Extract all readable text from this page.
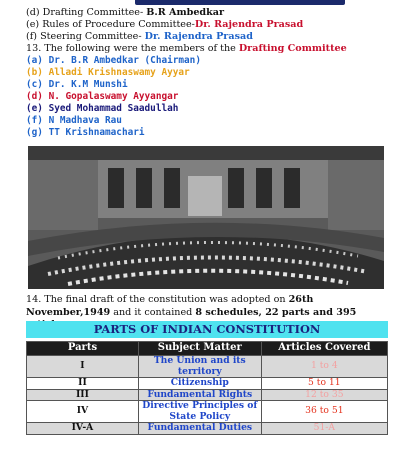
(d) Drafting Committee- B.R Ambedkar
(e) Rules of Procedure Committee-Dr. Rajendra Prasad
(f) Steering Committee- Dr. Rajendra Prasad
13. The following were the members of the Drafting Committee
(a) Dr. B.R Ambedkar (Chairman)
(b) Alladi Krishnaswamy Ayyar
(c) Dr. K.M Munshi
(d) N. Gopalaswamy Ayyangar
(e) Syed Mohammad Saadullah
(f) N Madhava Rau
(g) TT Krishnamachari
14. The final draft of the constitution was adopted on 26th November,1949 and it contained 8 schedules, 22 parts and 395
PARTS OF INDIAN CONSTITUTION
Parts	Subject Matter	Articles Covered
I	The Union and its territory	1 to 4
II	Citizenship	5 to 11
III	Fundamental Rights	12 to 35
IV	Directive Principles of State Policy	36 to 51
IV-A	Fundamental Duties	51-A
